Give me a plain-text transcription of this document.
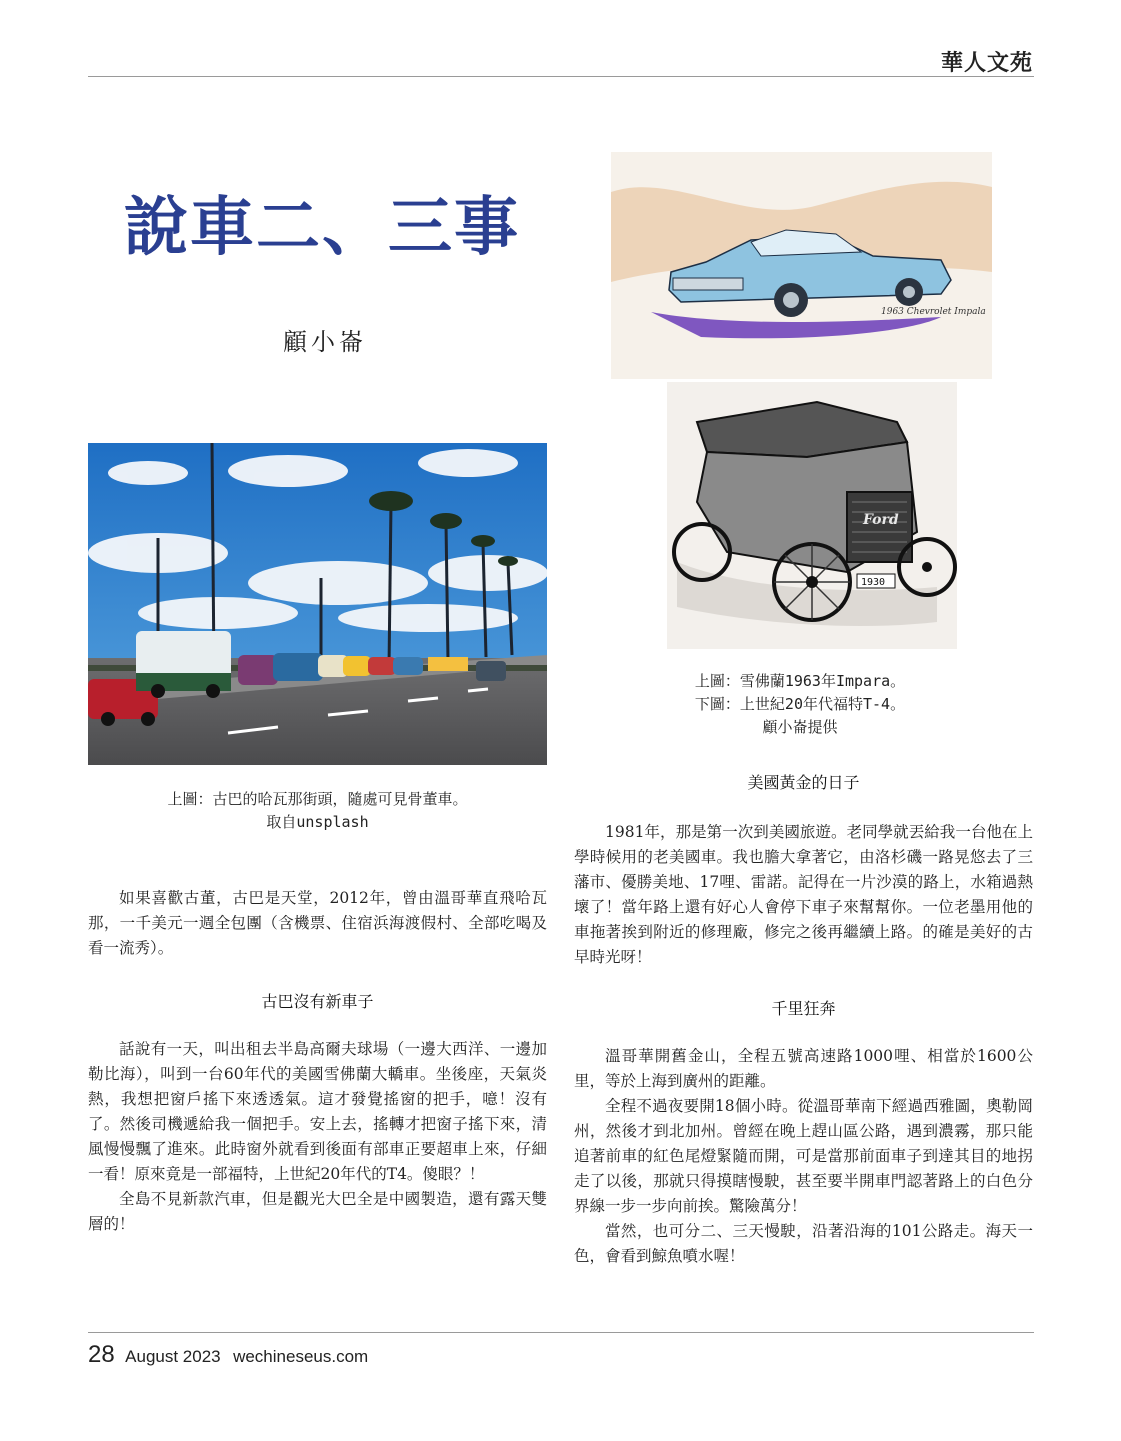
華人文苑
說車二、三事
顧小崙
上圖：古巴的哈瓦那街頭，隨處可見骨董車。
取自unsplash
1963 Chevrolet Impala
Ford
1930
上圖：雪佛蘭1963年Impara。
下圖：上世紀20年代福特T-4。
顧小崙提供

如果喜歡古董，古巴是天堂，2012年，曾由溫哥華直飛哈瓦那，一千美元一週全包團（含機票、住宿浜海渡假村、全部吃喝及看一流秀）。

古巴沒有新車子

話說有一天，叫出租去半島高爾夫球場（一邊大西洋、一邊加勒比海），叫到一台60年代的美國雪佛蘭大轎車。坐後座，天氣炎熱，我想把窗戶搖下來透透氣。這才發覺搖窗的把手，噫！沒有了。然後司機遞給我一個把手。安上去，搖轉才把窗子搖下來，清風慢慢飄了進來。此時窗外就看到後面有部車正要超車上來，仔細一看！原來竟是一部福特，上世紀20年代的T4。傻眼？！

全島不見新款汽車，但是觀光大巴全是中國製造，還有露天雙層的！

美國黃金的日子

1981年，那是第一次到美國旅遊。老同學就丟給我一台他在上學時候用的老美國車。我也膽大拿著它，由洛杉磯一路晃悠去了三藩市、優勝美地、17哩、雷諾。記得在一片沙漠的路上，水箱過熱壞了！當年路上還有好心人會停下車子來幫幫你。一位老墨用他的車拖著挨到附近的修理廠，修完之後再繼續上路。的確是美好的古早時光呀！

千里狂奔

溫哥華開舊金山，全程五號高速路1000哩、相當於1600公里，等於上海到廣州的距離。

全程不過夜要開18個小時。從溫哥華南下經過西雅圖，奧勒岡州，然後才到北加州。曾經在晚上趕山區公路，遇到濃霧，那只能追著前車的紅色尾燈緊隨而開，可是當那前面車子到達其目的地拐走了以後，那就只得摸瞎慢駛，甚至要半開車門認著路上的白色分界線一步一步向前挨。驚險萬分！

當然，也可分二、三天慢駛，沿著沿海的101公路走。海天一色，會看到鯨魚噴水喔！

28 August 2023 wechineseus.com
